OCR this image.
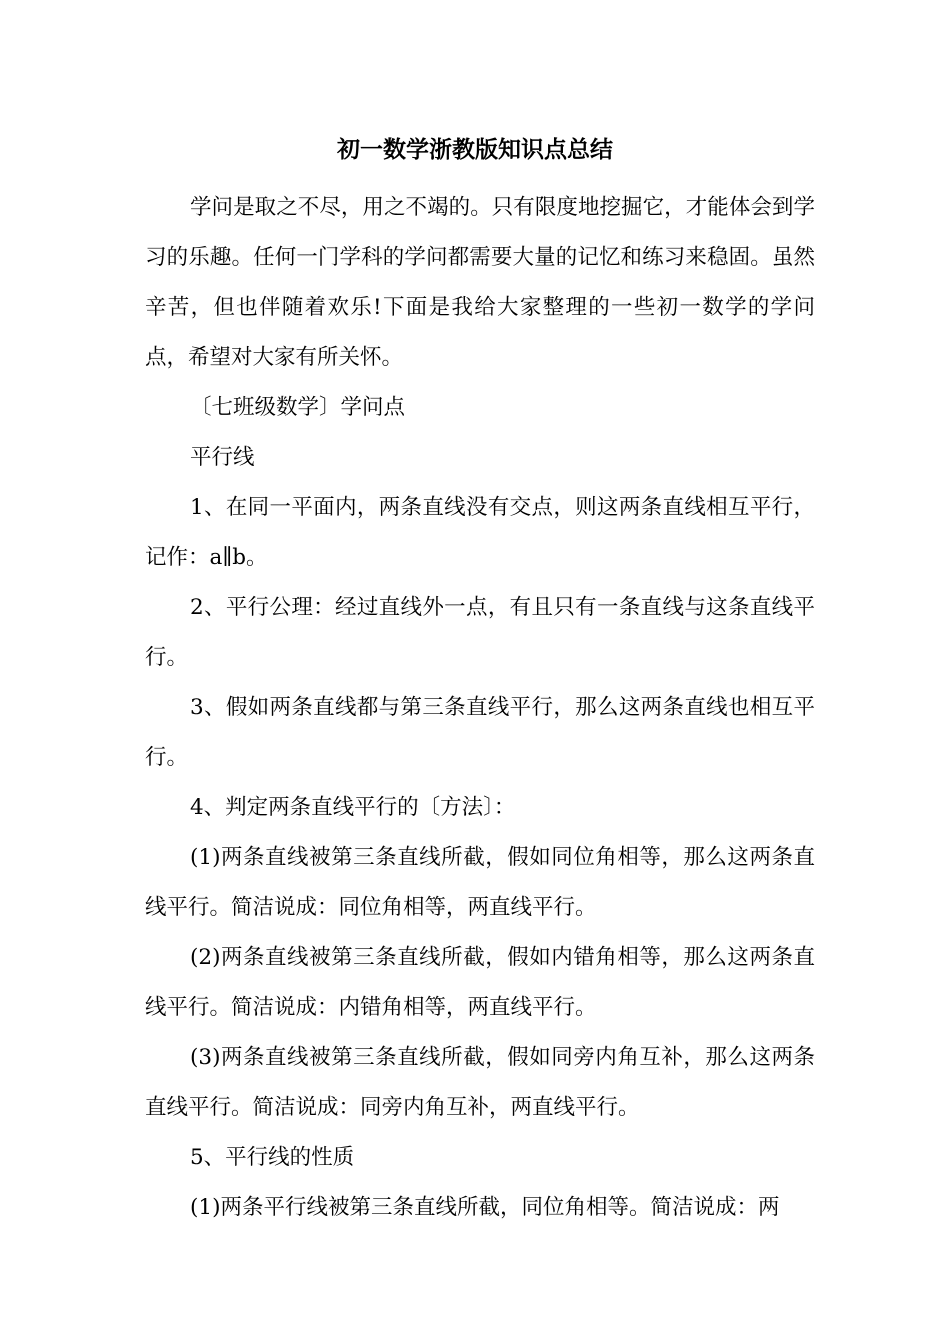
初一数学浙教版知识点总结

学问是取之不尽，用之不竭的。只有限度地挖掘它，才能体会到学习的乐趣。任何一门学科的学问都需要大量的记忆和练习来稳固。虽然辛苦，但也伴随着欢乐!下面是我给大家整理的一些初一数学的学问点，希望对大家有所关怀。

〔七班级数学〕学问点

平行线

1、在同一平面内，两条直线没有交点，则这两条直线相互平行，记作：a∥b。

2、平行公理：经过直线外一点，有且只有一条直线与这条直线平行。

3、假如两条直线都与第三条直线平行，那么这两条直线也相互平行。

4、判定两条直线平行的〔方法〕：

(1)两条直线被第三条直线所截，假如同位角相等，那么这两条直线平行。简洁说成：同位角相等，两直线平行。

(2)两条直线被第三条直线所截，假如内错角相等，那么这两条直线平行。简洁说成：内错角相等，两直线平行。

(3)两条直线被第三条直线所截，假如同旁内角互补，那么这两条直线平行。简洁说成：同旁内角互补，两直线平行。

5、平行线的性质

(1)两条平行线被第三条直线所截，同位角相等。简洁说成：两
